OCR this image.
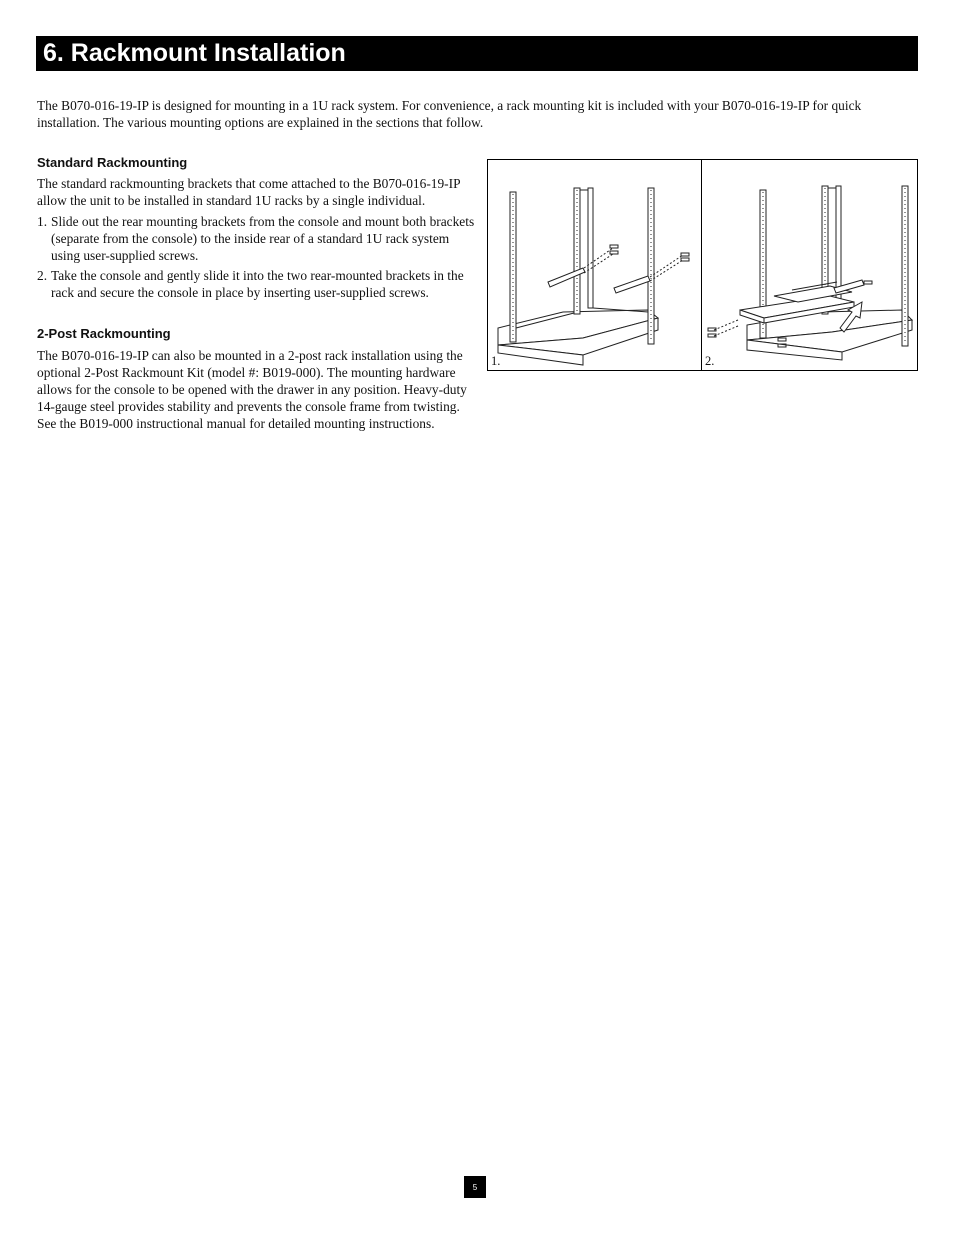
6. Rackmount Installation

The B070-016-19-IP is designed for mounting in a 1U rack system. For convenience, a rack mounting kit is included with your B070-016-19-IP for quick installation. The various mounting options are explained in the sections that follow.

Standard Rackmounting

The standard rackmounting brackets that come attached to the B070-016-19-IP allow the unit to be installed in standard 1U racks by a single individual.

1. Slide out the rear mounting brackets from the console and mount both brackets (separate from the console) to the inside rear of a standard 1U rack system using user-supplied screws.
2. Take the console and gently slide it into the two rear-mounted brackets in the rack and secure the console in place by inserting user-supplied screws.
2-Post Rackmounting

The B070-016-19-IP can also be mounted in a 2-post rack installation using the optional 2-Post Rackmount Kit (model #: B019-000). The mounting hardware allows for the console to be opened with the drawer in any position. Heavy-duty 14-gauge steel provides stability and prevents the console frame from twisting. See the B019-000 instructional manual for detailed mounting instructions.

1.	2.
5
